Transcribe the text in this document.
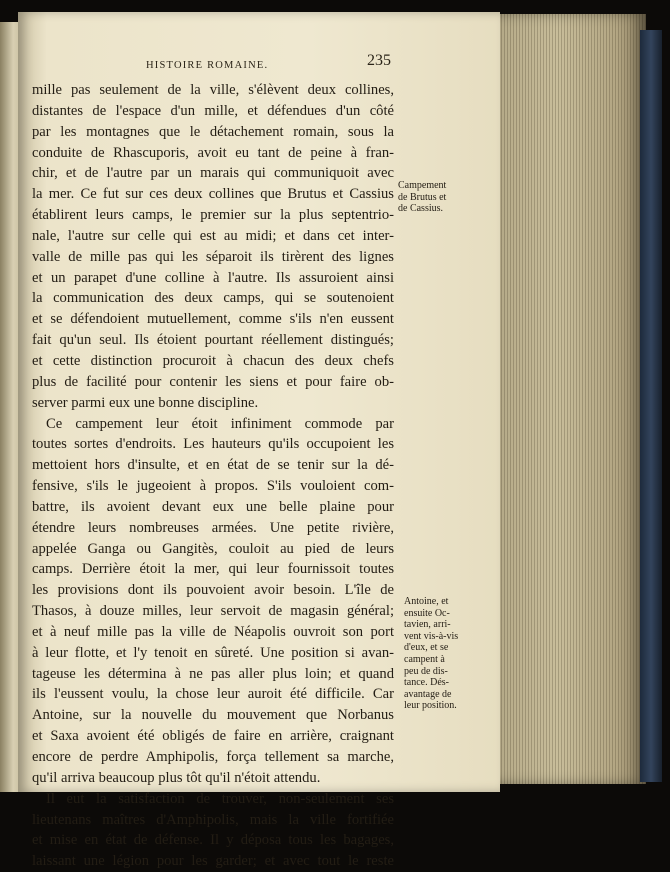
HISTOIRE ROMAINE.	235
mille pas seulement de la ville, s'élèvent deux collines,
distantes de l'espace d'un mille, et défendues d'un côté
par les montagnes que le détachement romain, sous la
conduite de Rhascuporis, avoit eu tant de peine à fran-
chir, et de l'autre par un marais qui communiquoit avec
la mer. Ce fut sur ces deux collines que Brutus et Cassius
établirent leurs camps, le premier sur la plus septentrio-
nale, l'autre sur celle qui est au midi; et dans cet inter-
valle de mille pas qui les séparoit ils tirèrent des lignes
et un parapet d'une colline à l'autre. Ils assuroient ainsi
la communication des deux camps, qui se soutenoient
et se défendoient mutuellement, comme s'ils n'en eussent
fait qu'un seul. Ils étoient pourtant réellement distingués;
et cette distinction procuroit à chacun des deux chefs
plus de facilité pour contenir les siens et pour faire ob-
server parmi eux une bonne discipline.
Ce campement leur étoit infiniment commode par
toutes sortes d'endroits. Les hauteurs qu'ils occupoient les
mettoient hors d'insulte, et en état de se tenir sur la dé-
fensive, s'ils le jugeoient à propos. S'ils vouloient com-
battre, ils avoient devant eux une belle plaine pour
étendre leurs nombreuses armées. Une petite rivière,
appelée Ganga ou Gangitès, couloit au pied de leurs
camps. Derrière étoit la mer, qui leur fournissoit toutes
les provisions dont ils pouvoient avoir besoin. L'île de
Thasos, à douze milles, leur servoit de magasin général;
et à neuf mille pas la ville de Néapolis ouvroit son port
à leur flotte, et l'y tenoit en sûreté. Une position si avan-
tageuse les détermina à ne pas aller plus loin; et quand
ils l'eussent voulu, la chose leur auroit été difficile. Car
Antoine, sur la nouvelle du mouvement que Norbanus
et Saxa avoient été obligés de faire en arrière, craignant
encore de perdre Amphipolis, força tellement sa marche,
qu'il arriva beaucoup plus tôt qu'il n'étoit attendu.
Il eut la satisfaction de trouver, non-seulement ses
lieutenans maîtres d'Amphipolis, mais la ville fortifiée
et mise en état de défense. Il y déposa tous les bagages,
laissant une légion pour les garder; et avec tout le reste
Campement
de Brutus et
de Cassius.
Antoine, et
ensuite Oc-
tavien, arri-
vent vis-à-vis
d'eux, et se
campent à
peu de dis-
tance. Dés-
avantage de
leur position.
